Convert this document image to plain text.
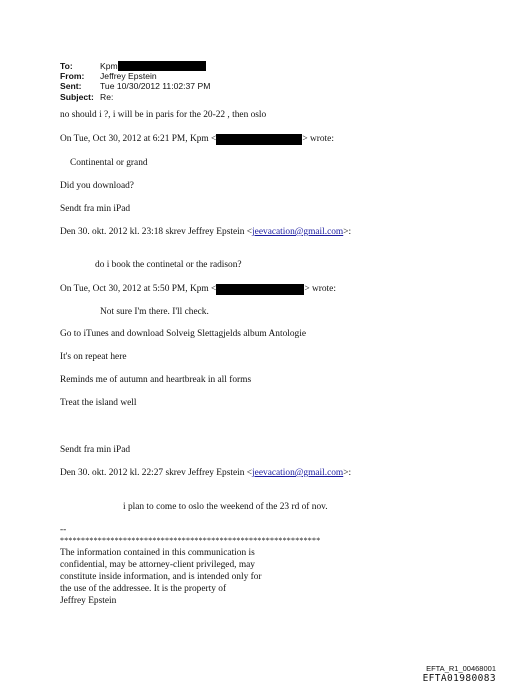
To:	Kpm
From:	Jeffrey Epstein
Sent:	Tue 10/30/2012 11:02:37 PM
Subject: Re:
no should i ?, i will be in paris for the 20-22 , then oslo
On Tue, Oct 30, 2012 at 6:21 PM, Kpm <	> wrote:
Continental or grand
Did you download?
Sendt fra min iPad
Den 30. okt. 2012 kl. 23:18 skrev Jeffrey Epstein <jeevacation@gmail.com>:
do i book the continetal or the radison?
On Tue, Oct 30, 2012 at 5:50 PM, Kpm <	> wrote:
Not sure I'm there. I'll check.
Go to iTunes and download Solveig Slettagjelds album Antologie
It's on repeat here
Reminds me of autumn and heartbreak in all forms
Treat the island well
Sendt fra min iPad
Den 30. okt. 2012 kl. 22:27 skrev Jeffrey Epstein <jeevacation@gmail.com>:
i plan to come to oslo the weekend of the 23 rd of nov.
--
**************************************************************
The information contained in this communication is
confidential, may be attorney-client privileged, may
constitute inside information, and is intended only for
the use of the addressee. It is the property of
Jeffrey Epstein
EFTA_R1_00468001
EFTA01980083
